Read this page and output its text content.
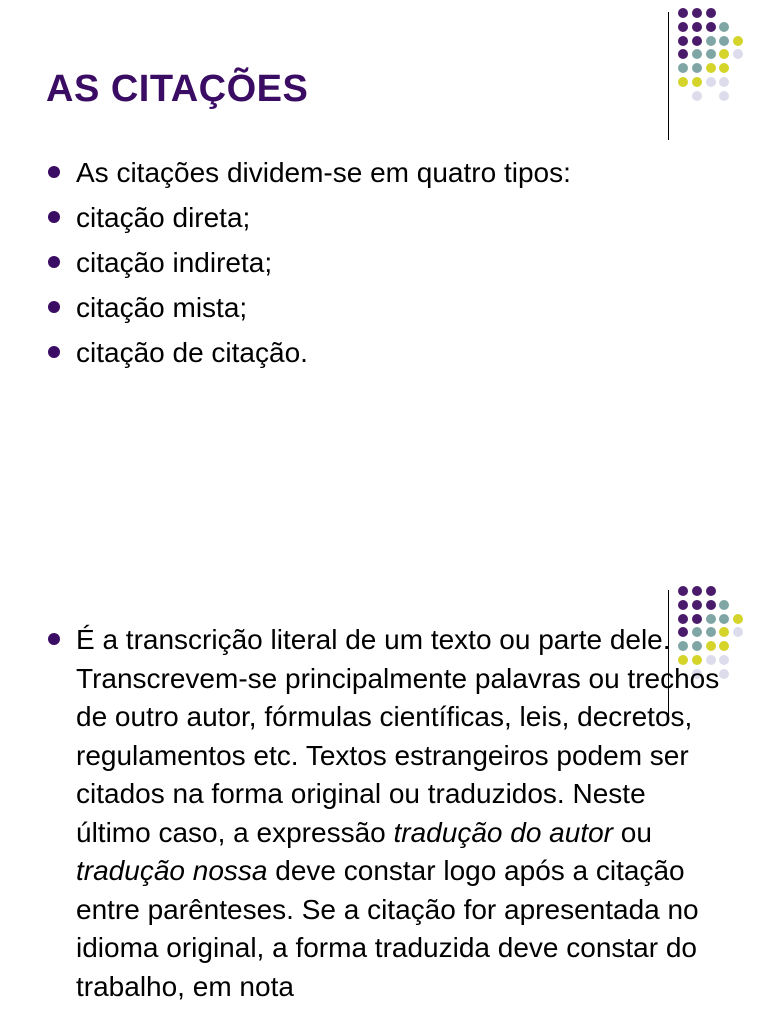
AS CITAÇÕES
As citações dividem-se em quatro tipos:
citação direta;
citação indireta;
citação mista;
citação de citação.

É a transcrição literal de um texto ou parte dele. Transcrevem-se principalmente palavras ou trechos de outro autor, fórmulas científicas, leis, decretos, regulamentos etc. Textos estrangeiros podem ser citados na forma original ou traduzidos. Neste último caso, a expressão tradução do autor ou tradução nossa deve constar logo após a citação entre parênteses. Se a citação for apresentada no idioma original, a forma traduzida deve constar do trabalho, em nota
